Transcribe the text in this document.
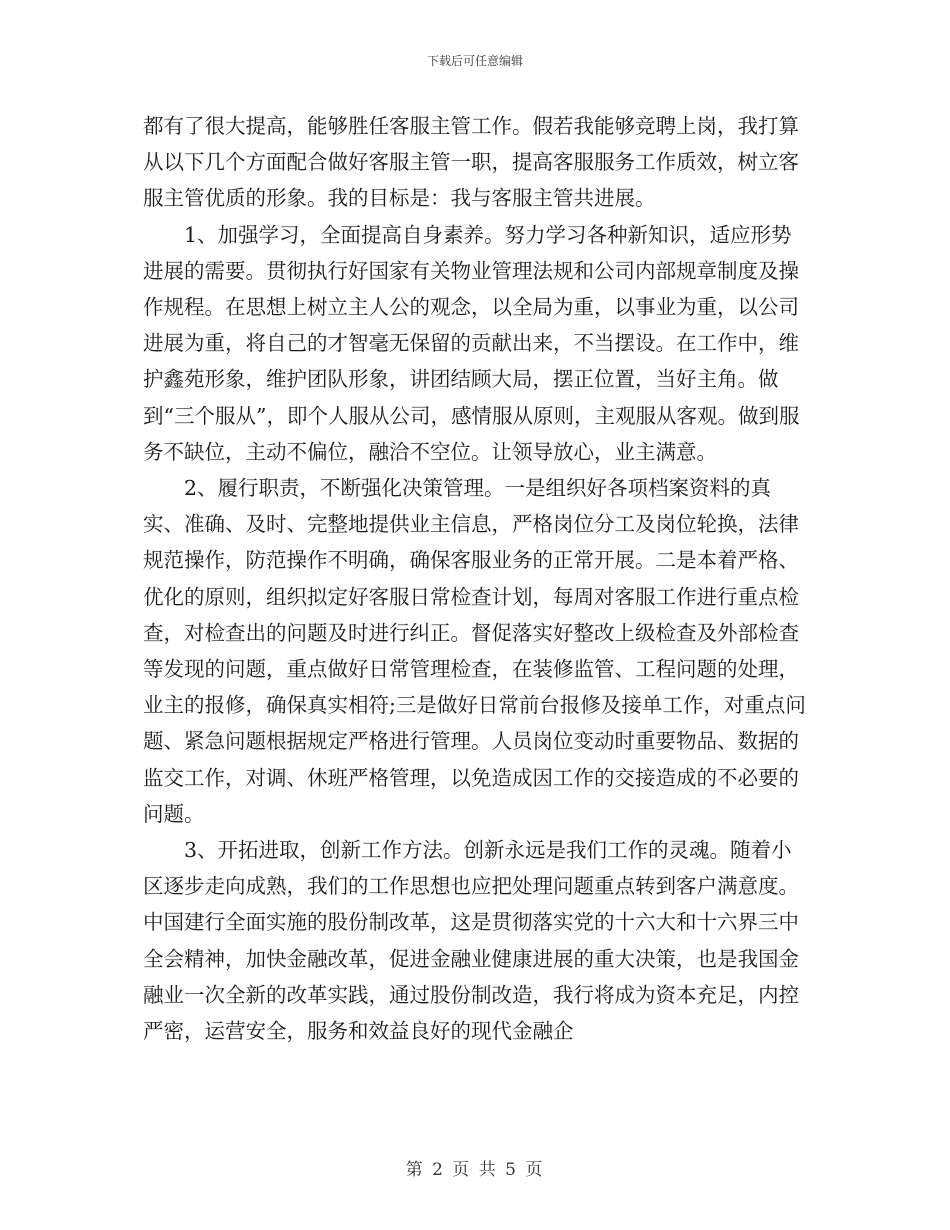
下载后可任意编辑

都有了很大提高，能够胜任客服主管工作。假若我能够竞聘上岗，我打算从以下几个方面配合做好客服主管一职，提高客服服务工作质效，树立客服主管优质的形象。我的目标是：我与客服主管共进展。

1、加强学习，全面提高自身素养。努力学习各种新知识，适应形势进展的需要。贯彻执行好国家有关物业管理法规和公司内部规章制度及操作规程。在思想上树立主人公的观念，以全局为重，以事业为重，以公司进展为重，将自己的才智毫无保留的贡献出来，不当摆设。在工作中，维护鑫苑形象，维护团队形象，讲团结顾大局，摆正位置，当好主角。做到“三个服从”，即个人服从公司，感情服从原则，主观服从客观。做到服务不缺位，主动不偏位，融洽不空位。让领导放心，业主满意。

2、履行职责，不断强化决策管理。一是组织好各项档案资料的真实、准确、及时、完整地提供业主信息，严格岗位分工及岗位轮换，法律规范操作，防范操作不明确，确保客服业务的正常开展。二是本着严格、优化的原则，组织拟定好客服日常检查计划，每周对客服工作进行重点检查，对检查出的问题及时进行纠正。督促落实好整改上级检查及外部检查等发现的问题，重点做好日常管理检查，在装修监管、工程问题的处理，业主的报修，确保真实相符;三是做好日常前台报修及接单工作，对重点问题、紧急问题根据规定严格进行管理。人员岗位变动时重要物品、数据的监交工作，对调、休班严格管理，以免造成因工作的交接造成的不必要的问题。

3、开拓进取，创新工作方法。创新永远是我们工作的灵魂。随着小区逐步走向成熟，我们的工作思想也应把处理问题重点转到客户满意度。 中国建行全面实施的股份制改革，这是贯彻落实党的十六大和十六界三中全会精神，加快金融改革，促进金融业健康进展的重大决策，也是我国金融业一次全新的改革实践，通过股份制改造，我行将成为资本充足，内控严密，运营安全，服务和效益良好的现代金融企

第 2 页 共 5 页
